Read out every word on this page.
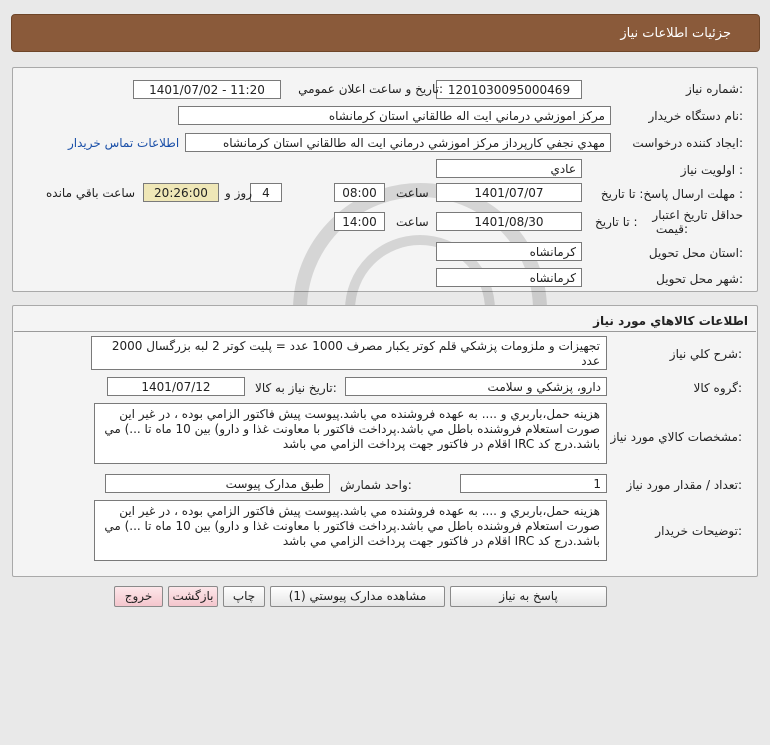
جزئيات اطلاعات نياز
شماره نياز:
1201030095000469
تاريخ و ساعت اعلان عمومي:
1401/07/02 - 11:20
نام دستگاه خريدار:
مرکز اموزشي درماني ايت اله طالقاني استان کرمانشاه
ايجاد کننده درخواست:
مهدي نجفي کارپرداز مرکز اموزشي درماني ايت اله طالقاني استان کرمانشاه
اطلاعات تماس خريدار
اولويت نياز :
عادي
مهلت ارسال پاسخ: تا تاريخ :
1401/07/07
ساعت
08:00
4
روز و
20:26:00
ساعت باقي مانده
حداقل تاريخ اعتبار
قيمت:
تا تاريخ :
1401/08/30
ساعت
14:00
استان محل تحويل:
کرمانشاه
شهر محل تحويل:
کرمانشاه
اطلاعات کالاهاي مورد نياز
شرح کلي نياز:
تجهيزات و ملزومات پزشکي قلم کوتر يکبار مصرف 1000 عدد = پليت کوتر 2 لبه بزرگسال 2000 عدد
گروه کالا:
دارو، پزشکي و سلامت
تاريخ نياز به کالا:
1401/07/12
مشخصات کالاي مورد نياز:
هزينه حمل،باربري و .... به عهده فروشنده مي باشد.پيوست پيش فاکتور الزامي بوده ، در غير اين صورت استعلام فروشنده باطل مي باشد.پرداخت فاکتور با معاونت غذا و دارو) بين 10 ماه تا ...) مي باشد.درج کد IRC اقلام در فاکتور جهت پرداخت الزامي مي باشد
تعداد / مقدار مورد نياز:
1
واحد شمارش:
طبق مدارک پيوست
توضيحات خريدار:
هزينه حمل،باربري و .... به عهده فروشنده مي باشد.پيوست پيش فاکتور الزامي بوده ، در غير اين صورت استعلام فروشنده باطل مي باشد.پرداخت فاکتور با معاونت غذا و دارو) بين 10 ماه تا ...) مي باشد.درج کد IRC اقلام در فاکتور جهت پرداخت الزامي مي باشد
پاسخ به نياز
مشاهده مدارک پيوستي (1)
چاپ
بازگشت
خروج
